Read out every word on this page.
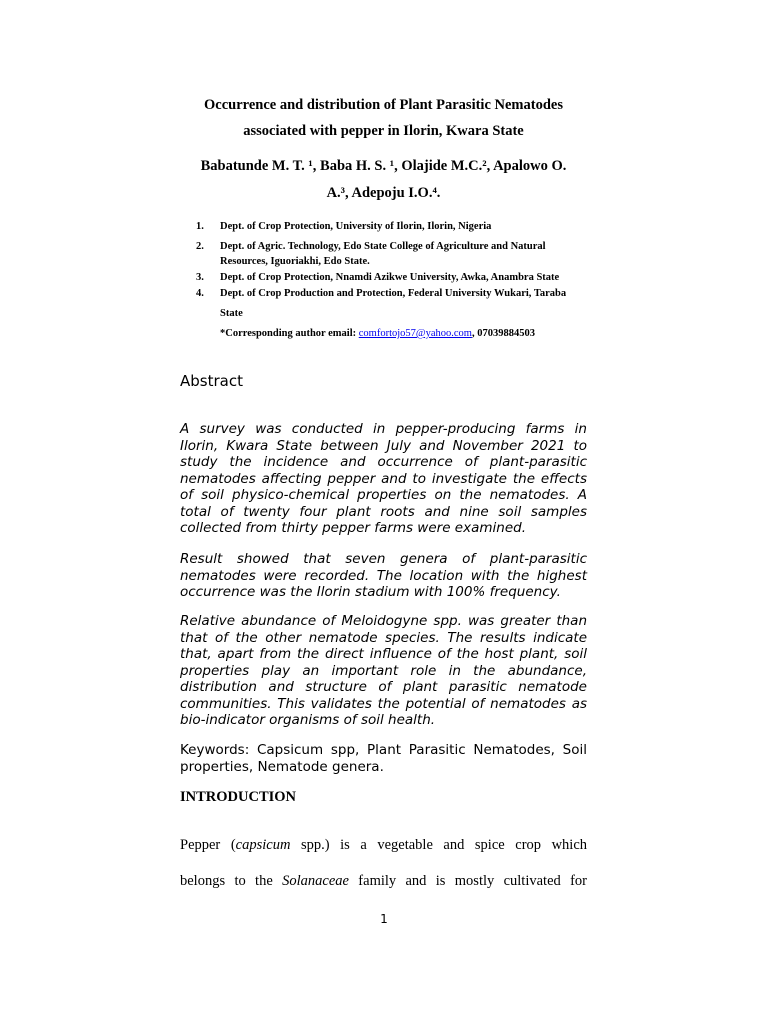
Occurrence and distribution of Plant Parasitic Nematodes
associated with pepper in Ilorin, Kwara State
Babatunde M. T. ¹, Baba H. S. ¹, Olajide M.C.², Apalowo O.
A.³, Adepoju I.O.⁴.
1.	Dept. of Crop Protection, University of Ilorin, Ilorin, Nigeria
2.	Dept. of Agric. Technology, Edo State College of Agriculture and Natural Resources, Iguoriakhi, Edo State.
3.	Dept. of Crop Protection, Nnamdi Azikwe University, Awka, Anambra State
4.	Dept. of Crop Production and Protection, Federal University Wukari, Taraba State
*Corresponding author email: comfortojo57@yahoo.com, 07039884503
Abstract
A survey was conducted in pepper-producing farms in Ilorin, Kwara State between July and November 2021 to study the incidence and occurrence of plant-parasitic nematodes affecting pepper and to investigate the effects of soil physico-chemical properties on the nematodes. A total of twenty four plant roots and nine soil samples collected from thirty pepper farms were examined.
Result showed that seven genera of plant-parasitic nematodes were recorded. The location with the highest occurrence was the Ilorin stadium with 100% frequency.
Relative abundance of Meloidogyne spp. was greater than that of the other nematode species. The results indicate that, apart from the direct influence of the host plant, soil properties play an important role in the abundance, distribution and structure of plant parasitic nematode communities. This validates the potential of nematodes as bio-indicator organisms of soil health.
Keywords: Capsicum spp, Plant Parasitic Nematodes, Soil properties, Nematode genera.
INTRODUCTION
Pepper (capsicum spp.) is a vegetable and spice crop which
belongs to the Solanaceae family and is mostly cultivated for
1
